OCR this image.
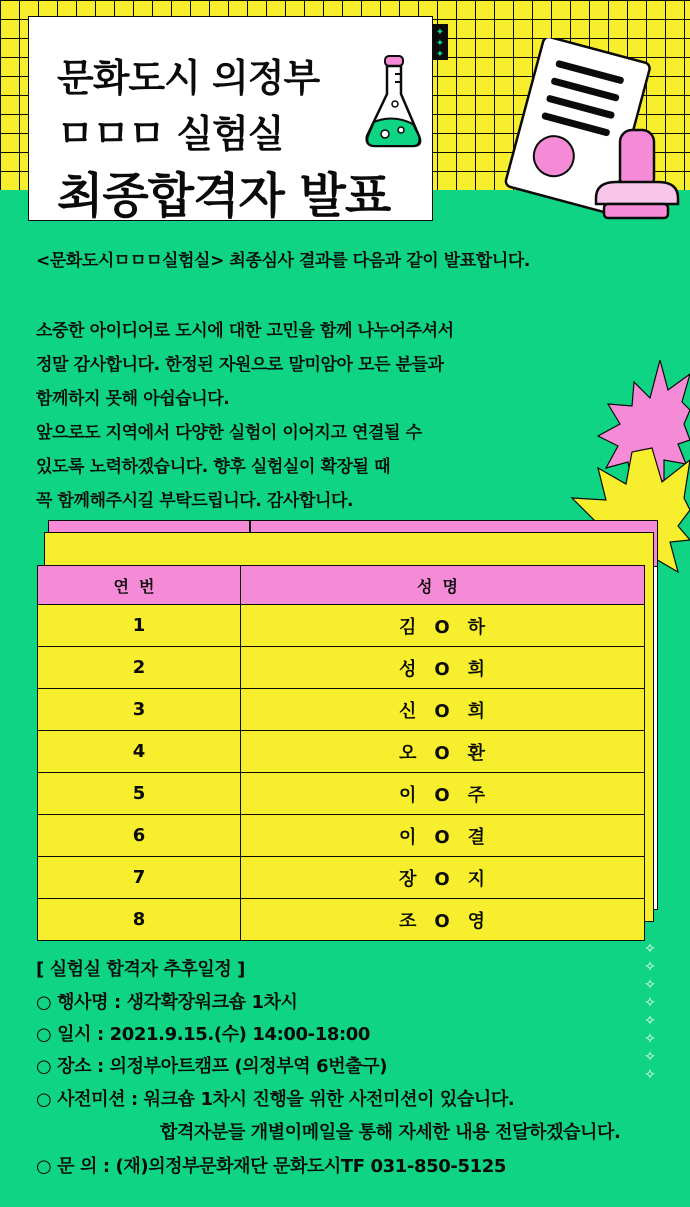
문화도시 의정부
ㅁㅁㅁ 실험실
최종합격자 발표
✦
✦
✦
<문화도시ㅁㅁㅁ실험실> 최종심사 결과를 다음과 같이 발표합니다.
소중한 아이디어로 도시에 대한 고민을 함께 나누어주셔서
정말 감사합니다. 한정된 자원으로 말미암아 모든 분들과
함께하지 못해 아쉽습니다.
앞으로도 지역에서 다양한 실험이 이어지고 연결될 수
있도록 노력하겠습니다. 향후 실험실이 확장될 때
꼭 함께해주시길 부탁드립니다. 감사합니다.
연번	성명
1	김O하
2	성O희
3	신O희
4	오O환
5	이O주
6	이O결
7	장O지
8	조O영
[ 실험실 합격자 추후일정 ]
○ 행사명 : 생각확장워크숍 1차시
○ 일시 : 2021.9.15.(수) 14:00-18:00
○ 장소 : 의정부아트캠프 (의정부역 6번출구)
○ 사전미션 : 워크숍 1차시 진행을 위한 사전미션이 있습니다.
합격자분들 개별이메일을 통해 자세한 내용 전달하겠습니다.
○ 문 의 : (재)의정부문화재단 문화도시TF 031-850-5125
✧
✧
✧
✧
✧
✧
✧
✧
